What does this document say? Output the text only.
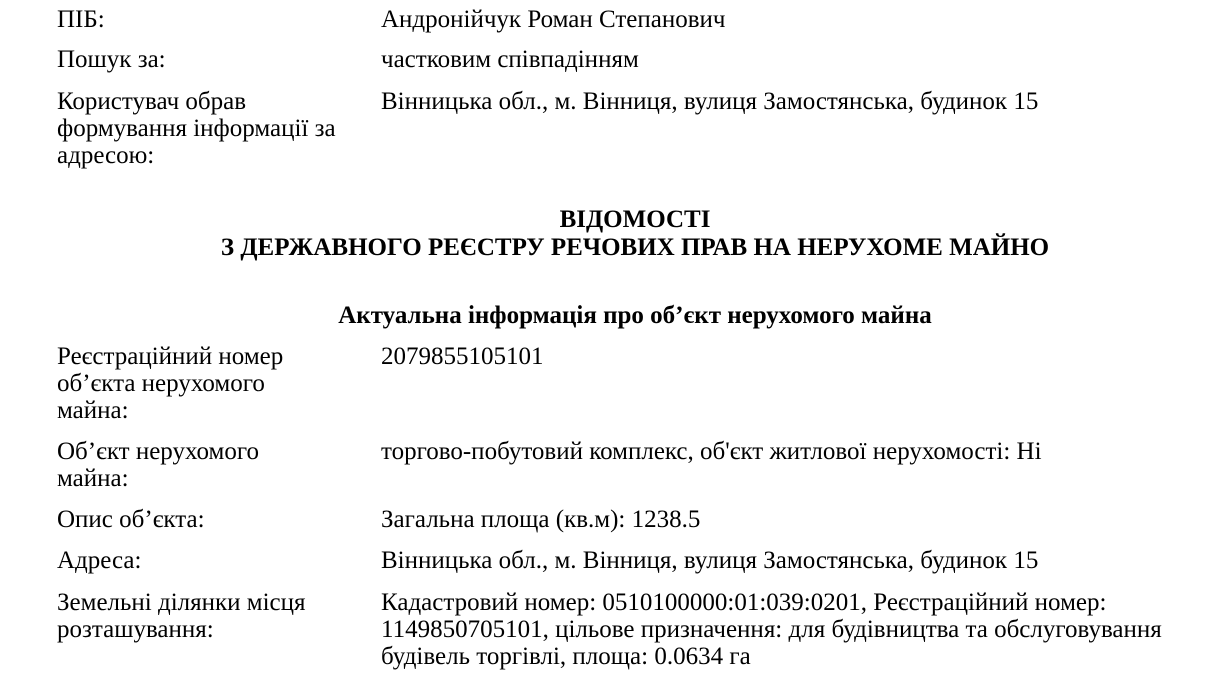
ПІБ:	Андронійчук Роман Степанович
Пошук за:	частковим співпадінням
Користувач обрав формування інформації за адресою:
Вінницька обл., м. Вінниця, вулиця Замостянська, будинок 15
ВІДОМОСТІ
З ДЕРЖАВНОГО РЕЄСТРУ РЕЧОВИХ ПРАВ НА НЕРУХОМЕ МАЙНО
Актуальна інформація про об’єкт нерухомого майна
Реєстраційний номер об’єкта нерухомого майна:
2079855105101
Об’єкт нерухомого майна:
торгово-побутовий комплекс, об'єкт житлової нерухомості: Ні
Опис об’єкта:	Загальна площа (кв.м): 1238.5
Адреса:	Вінницька обл., м. Вінниця, вулиця Замостянська, будинок 15
Земельні ділянки місця розташування:
Кадастровий номер: 0510100000:01:039:0201, Реєстраційний номер: 1149850705101, цільове призначення: для будівництва та обслуговування будівель торгівлі, площа: 0.0634 га
